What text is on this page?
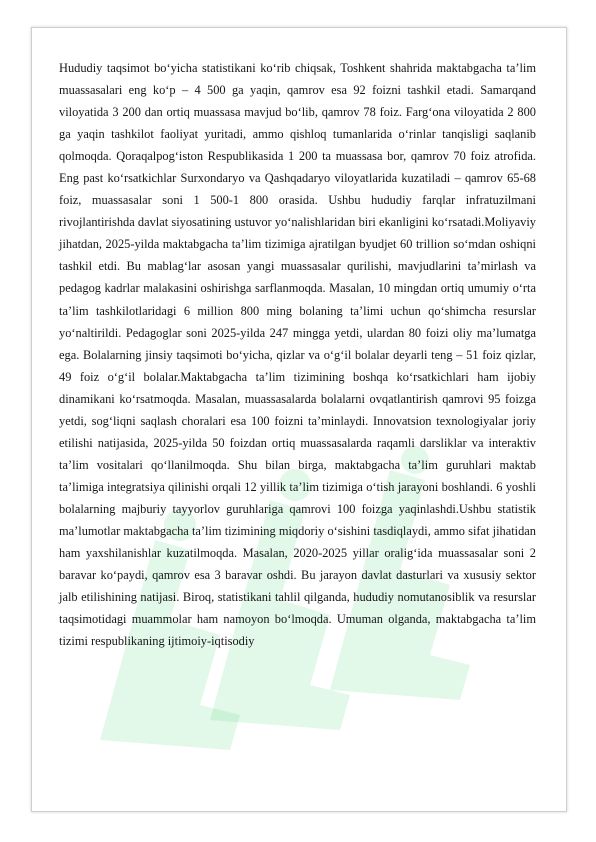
Hududiy taqsimot bo‘yicha statistikani ko‘rib chiqsak, Toshkent shahrida maktabgacha ta’lim muassasalari eng ko‘p – 4 500 ga yaqin, qamrov esa 92 foizni tashkil etadi. Samarqand viloyatida 3 200 dan ortiq muassasa mavjud bo‘lib, qamrov 78 foiz. Farg‘ona viloyatida 2 800 ga yaqin tashkilot faoliyat yuritadi, ammo qishloq tumanlarida o‘rinlar tanqisligi saqlanib qolmoqda. Qoraqalpog‘iston Respublikasida 1 200 ta muassasa bor, qamrov 70 foiz atrofida. Eng past ko‘rsatkichlar Surxondaryo va Qashqadaryo viloyatlarida kuzatiladi – qamrov 65-68 foiz, muassasalar soni 1 500-1 800 orasida. Ushbu hududiy farqlar infratuzilmani rivojlantirishda davlat siyosatining ustuvor yo‘nalishlaridan biri ekanligini ko‘rsatadi.Moliyaviy jihatdan, 2025-yilda maktabgacha ta’lim tizimiga ajratilgan byudjet 60 trillion so‘mdan oshiqni tashkil etdi. Bu mablag‘lar asosan yangi muassasalar qurilishi, mavjudlarini ta’mirlash va pedagog kadrlar malakasini oshirishga sarflanmoqda. Masalan, 10 mingdan ortiq umumiy o‘rta ta’lim tashkilotlaridagi 6 million 800 ming bolaning ta’limi uchun qo‘shimcha resurslar yo‘naltirildi. Pedagoglar soni 2025-yilda 247 mingga yetdi, ulardan 80 foizi oliy ma’lumatga ega. Bolalarning jinsiy taqsimoti bo‘yicha, qizlar va o‘g‘il bolalar deyarli teng – 51 foiz qizlar, 49 foiz o‘g‘il bolalar.Maktabgacha ta’lim tizimining boshqa ko‘rsatkichlari ham ijobiy dinamikani ko‘rsatmoqda. Masalan, muassasalarda bolalarni ovqatlantirish qamrovi 95 foizga yetdi, sog‘liqni saqlash choralari esa 100 foizni ta’minlaydi. Innovatsion texnologiyalar joriy etilishi natijasida, 2025-yilda 50 foizdan ortiq muassasalarda raqamli darsliklar va interaktiv ta’lim vositalari qo‘llanilmoqda. Shu bilan birga, maktabgacha ta’lim guruhlari maktab ta’limiga integratsiya qilinishi orqali 12 yillik ta’lim tizimiga o‘tish jarayoni boshlandi. 6 yoshli bolalarning majburiy tayyorlov guruhlariga qamrovi 100 foizga yaqinlashdi.Ushbu statistik ma’lumotlar maktabgacha ta’lim tizimining miqdoriy o‘sishini tasdiqlaydi, ammo sifat jihatidan ham yaxshilanishlar kuzatilmoqda. Masalan, 2020-2025 yillar oralig‘ida muassasalar soni 2 baravar ko‘paydi, qamrov esa 3 baravar oshdi. Bu jarayon davlat dasturlari va xususiy sektor jalb etilishining natijasi. Biroq, statistikani tahlil qilganda, hududiy nomutanosiblik va resurslar taqsimotidagi muammolar ham namoyon bo‘lmoqda. Umuman olganda, maktabgacha ta’lim tizimi respublikaning ijtimoiy-iqtisodiy
